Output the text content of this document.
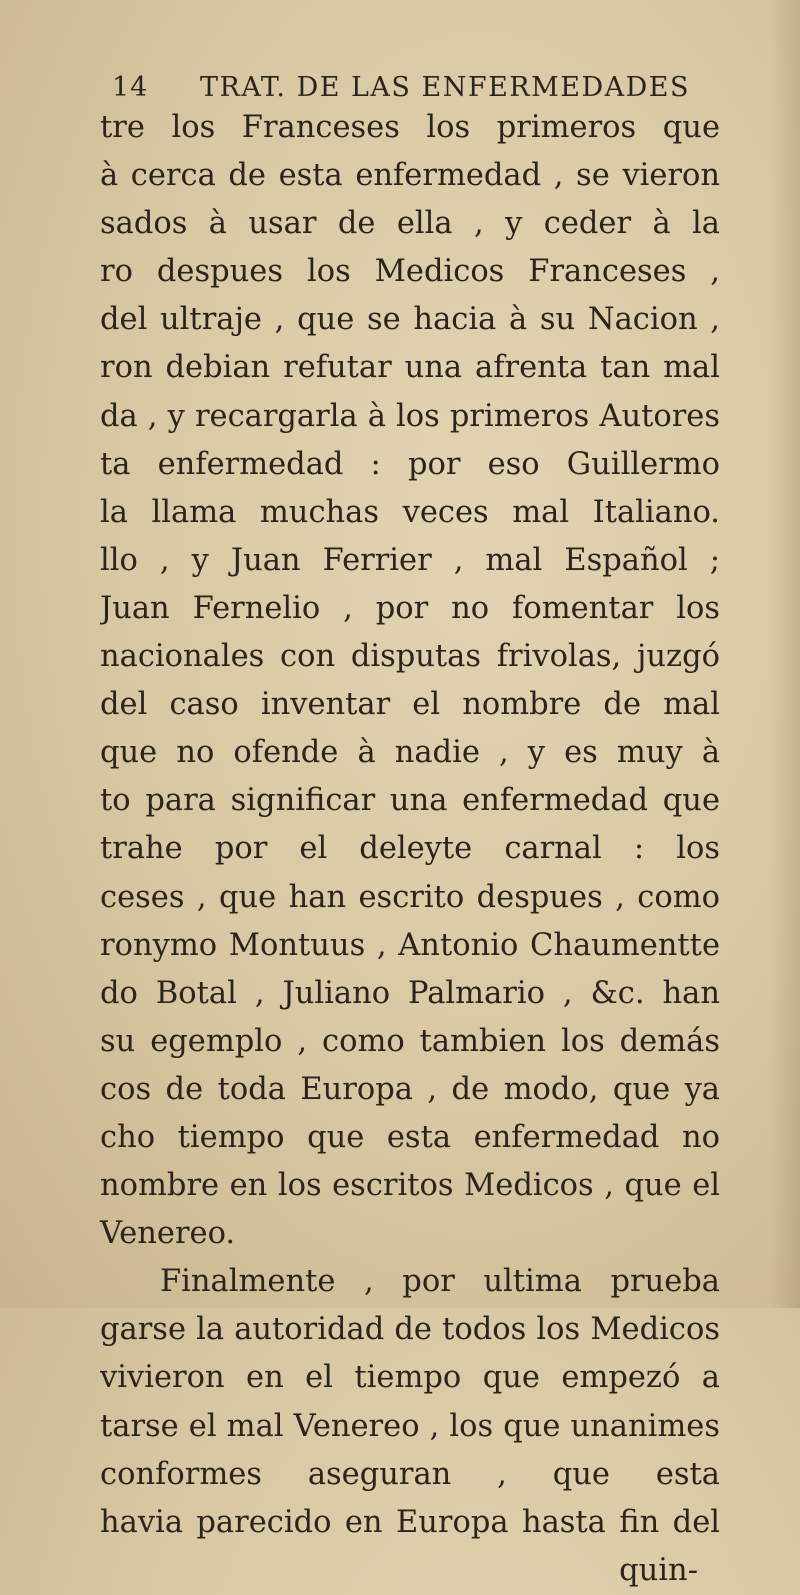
14 TRAT. DE LAS ENFERMEDADES
tre los Franceses los primeros que
à cerca de esta enfermedad , se vieron
sados à usar de ella , y ceder à la
ro despues los Medicos Franceses ,
del ultraje , que se hacia à su Nacion ,
ron debian refutar una afrenta tan mal
da , y recargarla à los primeros Autores
ta enfermedad : por eso Guillermo
la llama muchas veces mal Italiano.
llo , y Juan Ferrier , mal Español ;
Juan Fernelio , por no fomentar los
nacionales con disputas frivolas, juzgó
del caso inventar el nombre de mal
que no ofende à nadie , y es muy à
to para significar una enfermedad que
trahe por el deleyte carnal : los
ceses , que han escrito despues , como
ronymo Montuus , Antonio Chaumentte
do Botal , Juliano Palmario , &c. han
su egemplo , como tambien los demás
cos de toda Europa , de modo, que ya
cho tiempo que esta enfermedad no
nombre en los escritos Medicos , que el
Venereo.
Finalmente , por ultima prueba
garse la autoridad de todos los Medicos
vivieron en el tiempo que empezó a
tarse el mal Venereo , los que unanimes
conformes aseguran , que esta
havia parecido en Europa hasta fin del
quin-
